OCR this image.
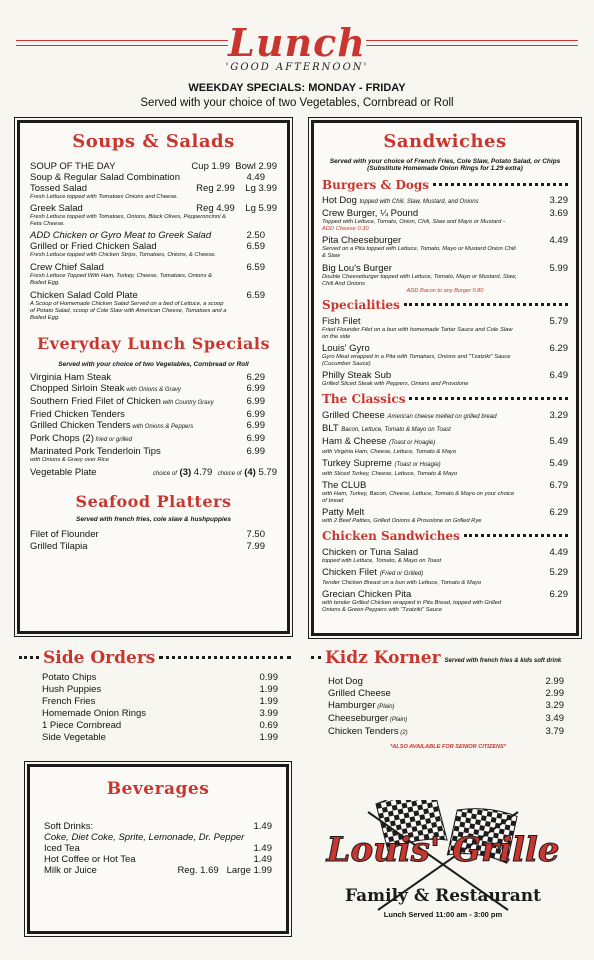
Lunch
'GOOD AFTERNOON'
WEEKDAY SPECIALS: MONDAY - FRIDAY
Served with your choice of two Vegetables, Cornbread or Roll
Soups & Salads
SOUP OF THE DAY	Cup 1.99 Bowl 2.99
Soup & Regular Salad Combination	4.49
Tossed Salad	Reg 2.99 Lg 3.99
Fresh Lettuce topped with Tomatoes Onions and Cheese.
Greek Salad	Reg 4.99 Lg 5.99
Fresh Lettuce topped with Tomatoes, Onions, Black Olives, Pepperoncinni & Feta Cheese.
ADD Chicken or Gyro Meat to Greek Salad	2.50
Grilled or Fried Chicken Salad	6.59
Fresh Lettuce topped with Chicken Strips, Tomatoes, Onions, & Cheese.
Crew Chief Salad	6.59
Fresh Lettuce Topped With Ham, Turkey, Cheese, Tomatoes, Onions & Boiled Egg.
Chicken Salad Cold Plate	6.59
A Scoop of Homemade Chicken Salad Served on a bed of Lettuce, a scoop of Potato Salad, scoop of Cole Slaw with American Cheese, Tomatoes and a Boiled Egg.
Everyday Lunch Specials
Served with your choice of two Vegetables, Cornbread or Roll
Virginia Ham Steak	6.29
Chopped Sirloin Steak with Onions & Gravy	6.99
Southern Fried Filet of Chicken with Country Gravy	6.99
Fried Chicken Tenders	6.99
Grilled Chicken Tenders with Onions & Peppers	6.99
Pork Chops (2) fried or grilled	6.99
Marinated Pork Tenderloin Tips	6.99
with Onions & Gravy over Rice
Vegetable Plate	choice of (3) 4.79 choice of (4) 5.79
Seafood Platters
Served with french fries, cole slaw & hushpuppies
Filet of Flounder	7.50
Grilled Tilapia	7.99
Sandwiches
Served with your choice of French Fries, Cole Slaw, Potato Salad, or Chips
(Substitute Homemade Onion Rings for 1.29 extra)
Burgers & Dogs
Hot Dog topped with Chili, Slaw, Mustard, and Onions	3.29
Crew Burger, ¼ Pound	3.69
Topped with Lettuce, Tomato, Onion, Chili, Slaw and Mayo or Mustard - ADD Cheese 0.30
Pita Cheeseburger	4.49
Served on a Pita topped with Lettuce, Tomato, Mayo or Mustard Onion Chili & Slaw
Big Lou's Burger	5.99
Double Cheeseburger topped with Lettuce, Tomato, Mayo or Mustard, Slaw, Chili And Onions
ADD Bacon to any Burger 0.80
Specialities
Fish Filet	5.79
Fried Flounder Filet on a bun with homemade Tartar Sauce and Cole Slaw on the side
Louis' Gyro	6.29
Gyro Meat wrapped in a Pita with Tomatoes, Onions and "Tzatziki" Sauce (Cucumber Sauce)
Philly Steak Sub	6.49
Grilled Sliced Steak with Peppers, Onions and Provolone
The Classics
Grilled Cheese American cheese melted on grilled bread	3.29
BLT Bacon, Lettuce, Tomato & Mayo on Toast
Ham & Cheese (Toast or Hoagie)	5.49
with Virginia Ham, Cheese, Lettuce, Tomato & Mayo
Turkey Supreme (Toast or Hoagie)	5.49
with Sliced Turkey, Cheese, Lettuce, Tomato & Mayo
The CLUB	6.79
with Ham, Turkey, Bacon, Cheese, Lettuce, Tomato & Mayo on your choice of bread
Patty Melt	6.29
with 2 Beef Patties, Grilled Onions & Provolone on Grilled Rye
Chicken Sandwiches
Chicken or Tuna Salad	4.49
topped with Lettuce, Tomato, & Mayo on Toast
Chicken Filet (Fried or Grilled)	5.29
Tender Chicken Breast on a bun with Lettuce, Tomato & Mayo
Grecian Chicken Pita	6.29
with tender Grilled Chicken wrapped in Pita Bread, topped with Grilled Onions & Green Peppers with "Tzatziki" Sauce
Side Orders
Potato Chips	0.99
Hush Puppies	1.99
French Fries	1.99
Homemade Onion Rings	3.99
1 Piece Cornbread	0.69
Side Vegetable	1.99
Kidz Korner Served with french fries & kids soft drink
Hot Dog	2.99
Grilled Cheese	2.99
Hamburger (Plain)	3.29
Cheeseburger (Plain)	3.49
Chicken Tenders (2)	3.79
*ALSO AVAILABLE FOR SENIOR CITIZENS*
Beverages
Soft Drinks:	1.49
Coke, Diet Coke, Sprite, Lemonade, Dr. Pepper
Iced Tea	1.49
Hot Coffee or Hot Tea	1.49
Milk or Juice	Reg. 1.69 Large 1.99
Louis' Grille
Family & Restaurant
Lunch Served 11:00 am - 3:00 pm
